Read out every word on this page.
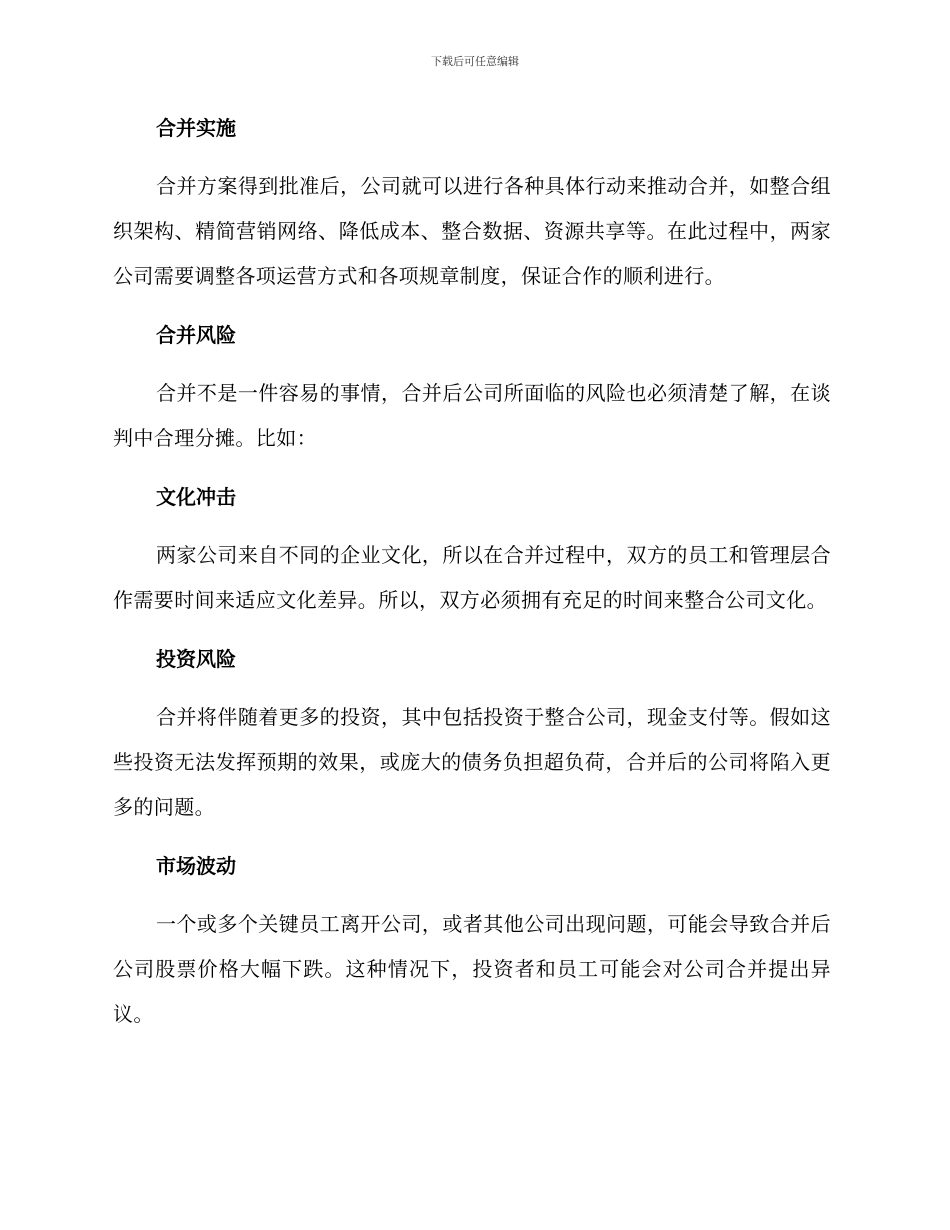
下载后可任意编辑
合并实施

合并方案得到批准后，公司就可以进行各种具体行动来推动合并，如整合组织架构、精简营销网络、降低成本、整合数据、资源共享等。在此过程中，两家公司需要调整各项运营方式和各项规章制度，保证合作的顺利进行。

合并风险

合并不是一件容易的事情，合并后公司所面临的风险也必须清楚了解，在谈判中合理分摊。比如：

文化冲击

两家公司来自不同的企业文化，所以在合并过程中，双方的员工和管理层合作需要时间来适应文化差异。所以，双方必须拥有充足的时间来整合公司文化。

投资风险

合并将伴随着更多的投资，其中包括投资于整合公司，现金支付等。假如这些投资无法发挥预期的效果，或庞大的债务负担超负荷，合并后的公司将陷入更多的问题。

市场波动

一个或多个关键员工离开公司，或者其他公司出现问题，可能会导致合并后公司股票价格大幅下跌。这种情况下，投资者和员工可能会对公司合并提出异议。
